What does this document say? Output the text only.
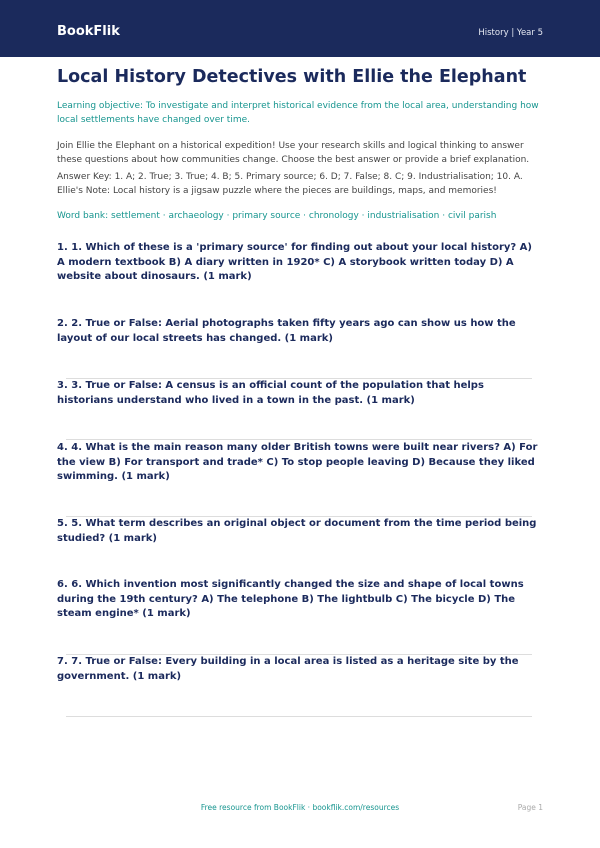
BookFlik	History | Year 5
Local History Detectives with Ellie the Elephant
Learning objective: To investigate and interpret historical evidence from the local area, understanding how local settlements have changed over time.
Join Ellie the Elephant on a historical expedition! Use your research skills and logical thinking to answer these questions about how communities change. Choose the best answer or provide a brief explanation.
Answer Key: 1. A; 2. True; 3. True; 4. B; 5. Primary source; 6. D; 7. False; 8. C; 9. Industrialisation; 10. A. Ellie's Note: Local history is a jigsaw puzzle where the pieces are buildings, maps, and memories!
Word bank: settlement · archaeology · primary source · chronology · industrialisation · civil parish
1. 1. Which of these is a 'primary source' for finding out about your local history? A) A modern textbook B) A diary written in 1920* C) A storybook written today D) A website about dinosaurs. (1 mark)
2. 2. True or False: Aerial photographs taken fifty years ago can show us how the layout of our local streets has changed. (1 mark)
3. 3. True or False: A census is an official count of the population that helps historians understand who lived in a town in the past. (1 mark)
4. 4. What is the main reason many older British towns were built near rivers? A) For the view B) For transport and trade* C) To stop people leaving D) Because they liked swimming. (1 mark)
5. 5. What term describes an original object or document from the time period being studied? (1 mark)
6. 6. Which invention most significantly changed the size and shape of local towns during the 19th century? A) The telephone B) The lightbulb C) The bicycle D) The steam engine* (1 mark)
7. 7. True or False: Every building in a local area is listed as a heritage site by the government. (1 mark)
Free resource from BookFlik · bookflik.com/resources	Page 1
